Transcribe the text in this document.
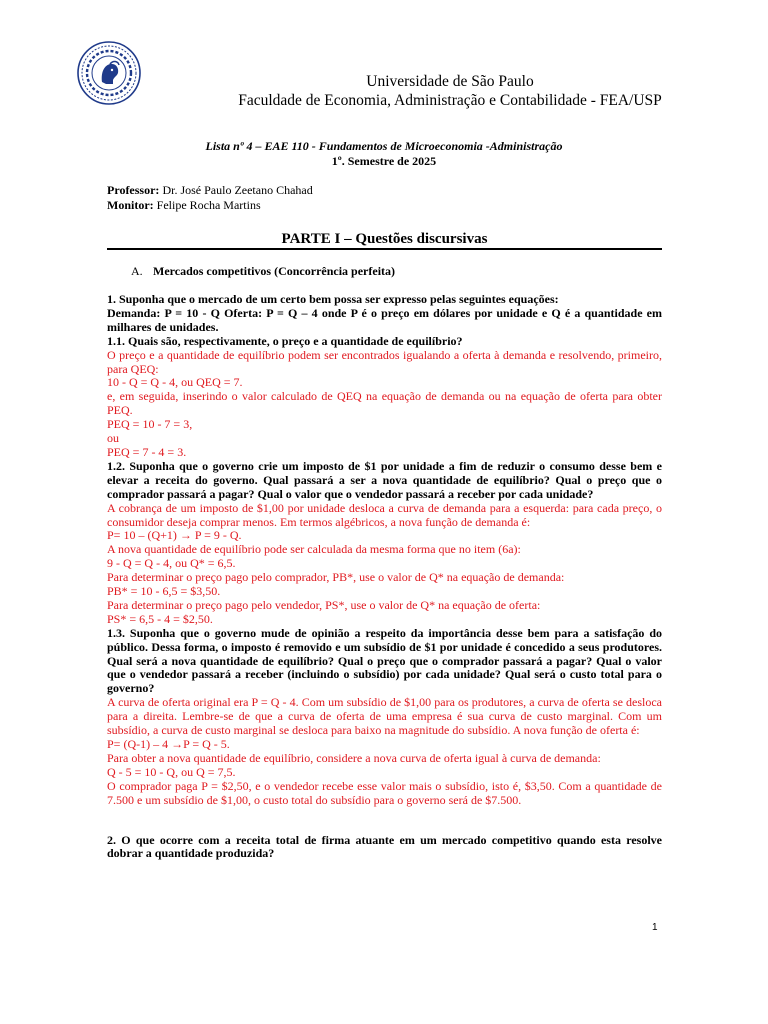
Universidade de São Paulo
Faculdade de Economia, Administração e Contabilidade - FEA/USP
Lista nº 4 – EAE 110 - Fundamentos de Microeconomia -Administração
1º. Semestre de 2025
Professor: Dr. José Paulo Zeetano Chahad
Monitor: Felipe Rocha Martins
PARTE I – Questões discursivas
A. Mercados competitivos (Concorrência perfeita)

1. Suponha que o mercado de um certo bem possa ser expresso pelas seguintes equações:

Demanda: P = 10 - Q Oferta: P = Q – 4 onde P é o preço em dólares por unidade e Q é a quantidade em milhares de unidades.

1.1. Quais são, respectivamente, o preço e a quantidade de equilíbrio?

O preço e a quantidade de equilíbrio podem ser encontrados igualando a oferta à demanda e resolvendo, primeiro, para QEQ:

10 - Q = Q - 4, ou QEQ = 7.

e, em seguida, inserindo o valor calculado de QEQ na equação de demanda ou na equação de oferta para obter PEQ.

PEQ = 10 - 7 = 3,

ou

PEQ = 7 - 4 = 3.

1.2. Suponha que o governo crie um imposto de $1 por unidade a fim de reduzir o consumo desse bem e elevar a receita do governo. Qual passará a ser a nova quantidade de equilíbrio? Qual o preço que o comprador passará a pagar? Qual o valor que o vendedor passará a receber por cada unidade?

A cobrança de um imposto de $1,00 por unidade desloca a curva de demanda para a esquerda: para cada preço, o consumidor deseja comprar menos. Em termos algébricos, a nova função de demanda é:

P= 10 – (Q+1) → P = 9 - Q.

A nova quantidade de equilíbrio pode ser calculada da mesma forma que no item (6a):

9 - Q = Q - 4, ou Q* = 6,5.

Para determinar o preço pago pelo comprador, PB*, use o valor de Q* na equação de demanda:

PB* = 10 - 6,5 = $3,50.

Para determinar o preço pago pelo vendedor, PS*, use o valor de Q* na equação de oferta:

PS* = 6,5 - 4 = $2,50.

1.3. Suponha que o governo mude de opinião a respeito da importância desse bem para a satisfação do público. Dessa forma, o imposto é removido e um subsídio de $1 por unidade é concedido a seus produtores. Qual será a nova quantidade de equilíbrio? Qual o preço que o comprador passará a pagar? Qual o valor que o vendedor passará a receber (incluindo o subsídio) por cada unidade? Qual será o custo total para o governo?

A curva de oferta original era P = Q - 4. Com um subsídio de $1,00 para os produtores, a curva de oferta se desloca para a direita. Lembre-se de que a curva de oferta de uma empresa é sua curva de custo marginal. Com um subsídio, a curva de custo marginal se desloca para baixo na magnitude do subsídio. A nova função de oferta é:

P= (Q-1) – 4 →P = Q - 5.

Para obter a nova quantidade de equilíbrio, considere a nova curva de oferta igual à curva de demanda:

Q - 5 = 10 - Q, ou Q = 7,5.

O comprador paga P = $2,50, e o vendedor recebe esse valor mais o subsídio, isto é, $3,50. Com a quantidade de 7.500 e um subsídio de $1,00, o custo total do subsídio para o governo será de $7.500.

2. O que ocorre com a receita total de firma atuante em um mercado competitivo quando esta resolve dobrar a quantidade produzida?

1
